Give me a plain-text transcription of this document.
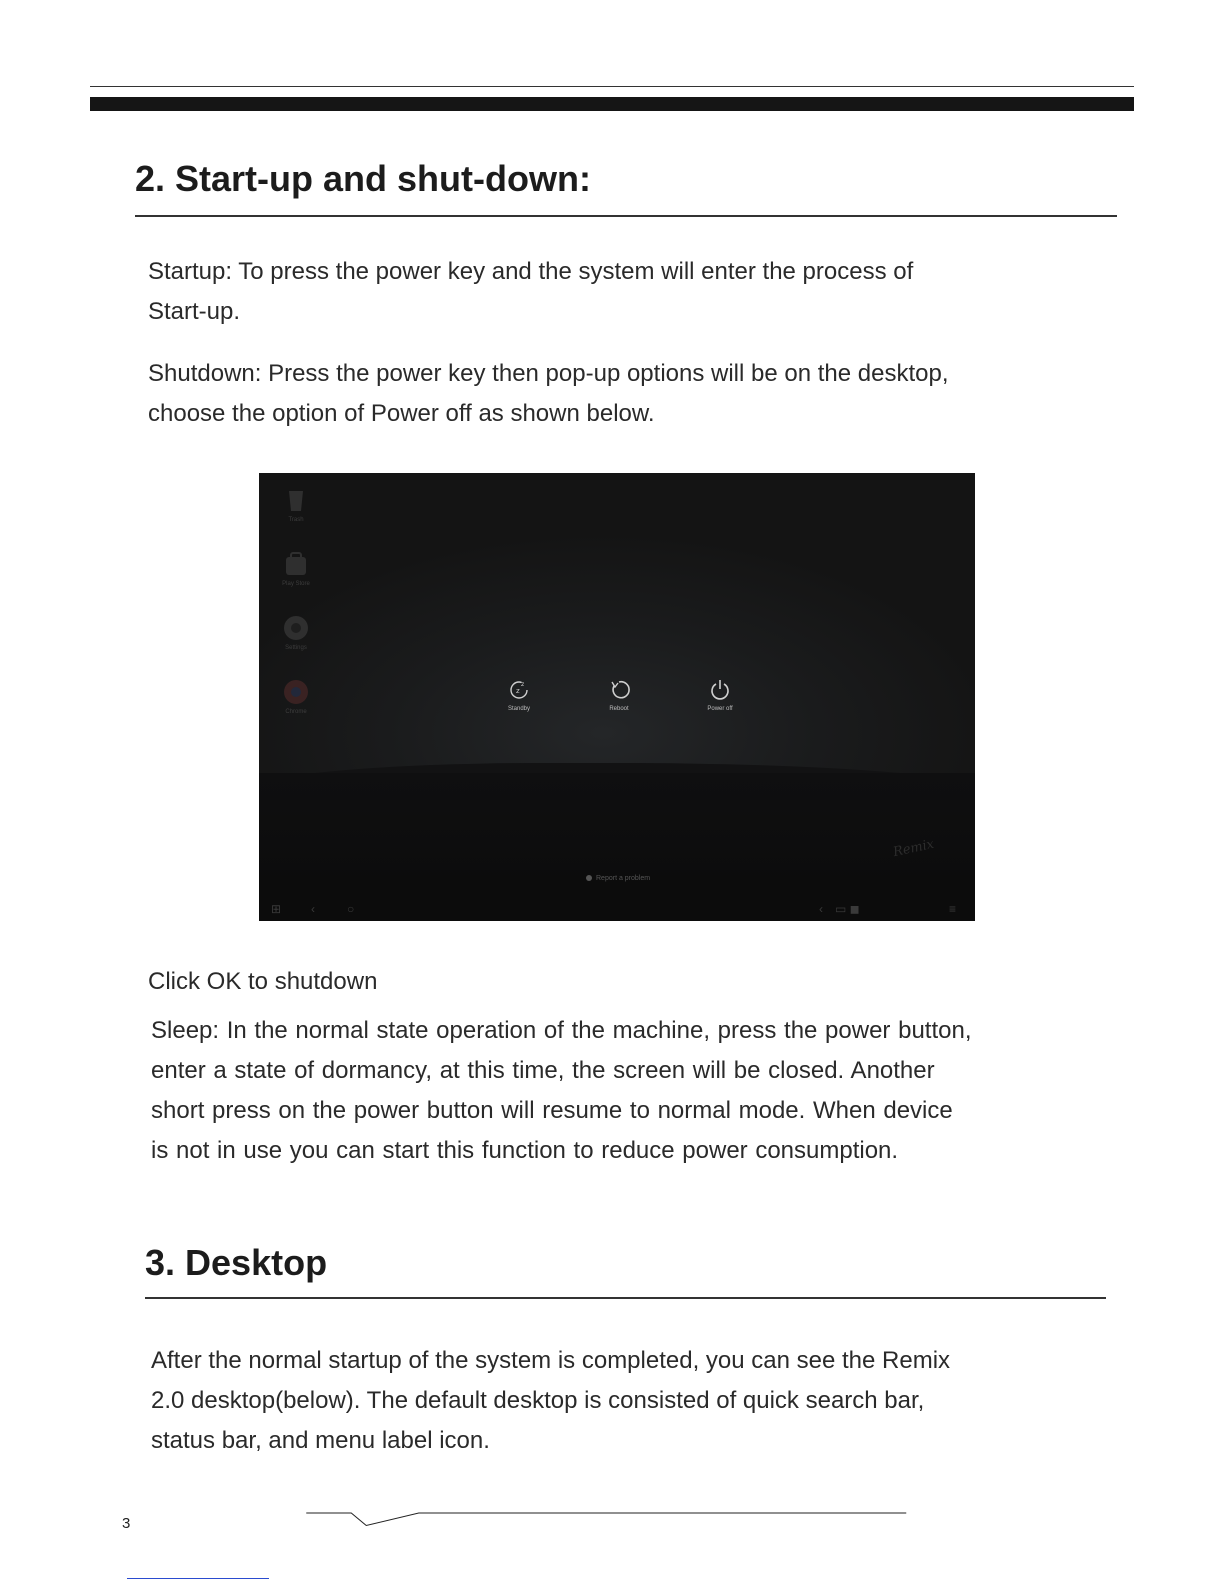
2. Start-up and shut-down:

Startup: To press the power key and the system will enter the process of
Start-up.

Shutdown: Press the power key then pop-up options will be on the desktop,
choose the option of Power off as shown below.

Trash
Play Store
Settings
Chrome
z
z
Standby	Reboot	Power off
Remix
Report a problem
⊞ ‹	○	‹ ▭ ◼	≡

Click OK to shutdown

Sleep: In the normal state operation of the machine, press the power button,
enter a state of dormancy, at this time, the screen will be closed. Another
short press on the power button will resume to normal mode. When device
is not in use you can start this function to reduce power consumption.

3. Desktop

After the normal startup of the system is completed, you can see the Remix
2.0 desktop(below). The default desktop is consisted of quick search bar,
status bar, and menu label icon.

3
